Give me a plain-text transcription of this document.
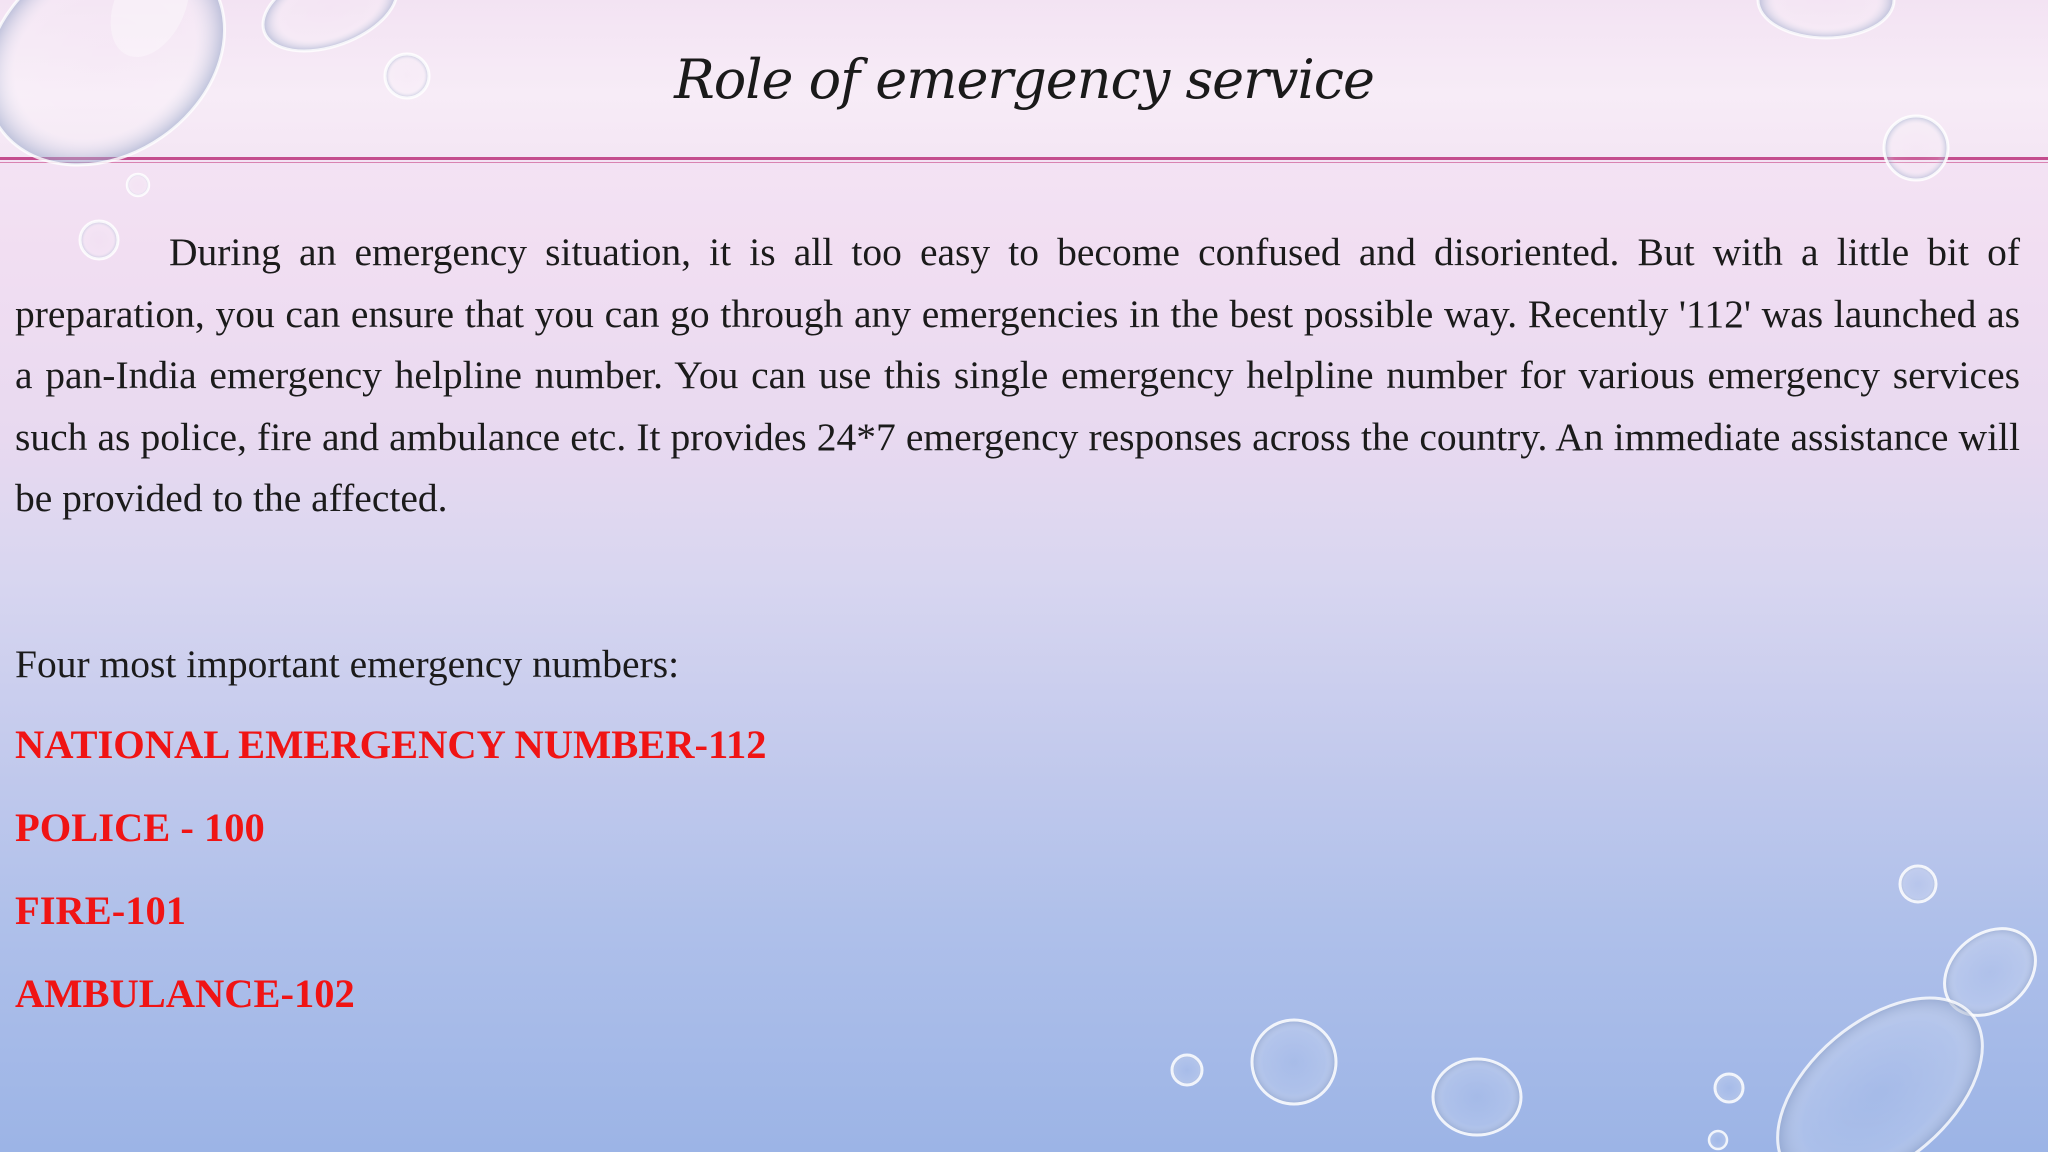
Role of emergency service

During an emergency situation, it is all too easy to become confused and disoriented. But with a little bit of preparation, you can ensure that you can go through any emergencies in the best possible way. Recently '112' was launched as a pan-India emergency helpline number. You can use this single emergency helpline number for various emergency services such as police, fire and ambulance etc. It provides 24*7 emergency responses across the country. An immediate assistance will be provided to the affected.

Four most important emergency numbers:
NATIONAL EMERGENCY NUMBER-112
POLICE - 100
FIRE-101
AMBULANCE-102
